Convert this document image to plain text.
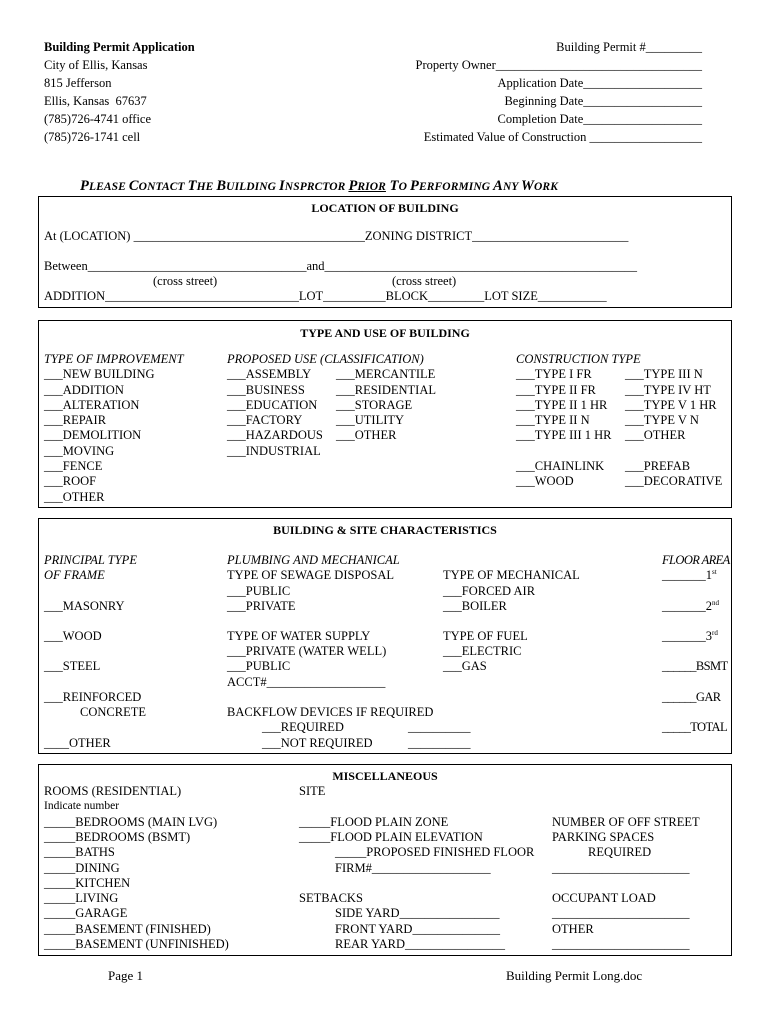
Building Permit Application
City of Ellis, Kansas
815 Jefferson
Ellis, Kansas  67637
(785)726-4741 office
(785)726-1741 cell
Building Permit #_________
Property Owner_________________________________
Application Date___________________
Beginning Date___________________
Completion Date___________________
Estimated Value of Construction __________________
PLEASE CONTACT THE BUILDING INSPRCTOR PRIOR TO PERFORMING ANY WORK
LOCATION OF BUILDING
At (LOCATION) _____________________________________ZONING DISTRICT_________________________
Between___________________________________and__________________________________________________
(cross street)	(cross street)
ADDITION_______________________________LOT__________BLOCK_________LOT SIZE___________
TYPE AND USE OF BUILDING
TYPE OF IMPROVEMENT
___NEW BUILDING
___ADDITION
___ALTERATION
___REPAIR
___DEMOLITION
___MOVING
___FENCE
___ROOF
___OTHER
PROPOSED USE (CLASSIFICATION)
___ASSEMBLY
___BUSINESS
___EDUCATION
___FACTORY
___HAZARDOUS
___INDUSTRIAL
___MERCANTILE
___RESIDENTIAL
___STORAGE
___UTILITY
___OTHER
CONSTRUCTION TYPE
___TYPE I FR
___TYPE II FR
___TYPE II 1 HR
___TYPE II N
___TYPE III 1 HR
___TYPE III N
___TYPE IV HT
___TYPE V 1 HR
___TYPE V N
___OTHER
___CHAINLINK
___WOOD
___PREFAB
___DECORATIVE
BUILDING & SITE CHARACTERISTICS
PRINCIPAL TYPE
OF FRAME
___MASONRY
___WOOD
___STEEL
___REINFORCED
CONCRETE
____OTHER
PLUMBING AND MECHANICAL
TYPE OF SEWAGE DISPOSAL
___PUBLIC
___PRIVATE
TYPE OF WATER SUPPLY
___PRIVATE (WATER WELL)
___PUBLIC
ACCT#___________________
BACKFLOW DEVICES IF REQUIRED
___REQUIRED
___NOT REQUIRED
__________
__________
TYPE OF MECHANICAL
___FORCED AIR
___BOILER
TYPE OF FUEL
___ELECTRIC
___GAS
FLOOR AREA
_______1st
_______2nd
_______3rd
______BSMT
______GAR
_____TOTAL
MISCELLANEOUS
ROOMS (RESIDENTIAL)
Indicate number
_____BEDROOMS (MAIN LVG)
_____BEDROOMS (BSMT)
_____BATHS
_____DINING
_____KITCHEN
_____LIVING
_____GARAGE
_____BASEMENT (FINISHED)
_____BASEMENT (UNFINISHED)
SITE
_____FLOOD PLAIN ZONE
_____FLOOD PLAIN ELEVATION
_____PROPOSED FINISHED FLOOR
FIRM#___________________
SETBACKS
SIDE YARD________________
FRONT YARD______________
REAR YARD________________
NUMBER OF OFF STREET
PARKING SPACES
REQUIRED
______________________
OCCUPANT LOAD
______________________
OTHER
______________________
Page 1	Building Permit Long.doc
